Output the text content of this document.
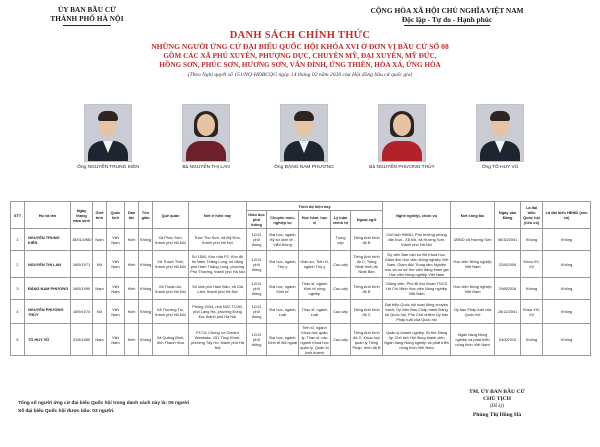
ỦY BAN BẦU CỬ
THÀNH PHỐ HÀ NỘI
CỘNG HÒA XÃ HỘI CHỦ NGHĨA VIỆT NAM
Độc lập - Tự do - Hạnh phúc
DANH SÁCH CHÍNH THỨC
NHỮNG NGƯỜI ỨNG CỬ ĐẠI BIỂU QUỐC HỘI KHÓA XVI Ở ĐƠN VỊ BẦU CỬ SỐ 08
GỒM CÁC XÃ PHÚ XUYÊN, PHƯỢNG DỰC, CHUYÊN MỸ, ĐẠI XUYÊN, MỸ ĐỨC,
HỒNG SƠN, PHÚC SƠN, HƯƠNG SƠN, VÂN ĐÌNH, ỨNG THIÊN, HÒA XÁ, ỨNG HÒA
(Theo Nghị quyết số 151/NQ-HĐBCQG ngày 14 tháng 02 năm 2026 của Hội đồng bầu cử quốc gia)
Ông NGUYỄN TRUNG KIÊN	Bà NGUYỄN THỊ LAN	Ông ĐẶNG NAM PHƯƠNG	Bà NGUYỄN PHƯƠNG THỦY	Ông TÔ HUY VŨ
STT	Họ và tên	Ngày tháng năm sinh	Giới tính	Quốc tịch	Dân tộc	Tôn giáo	Quê quán	Nơi ở hiện nay	Trình độ hiện nay					Nghề nghiệp, chức vụ	Nơi công tác	Ngày vào Đảng	Là đại biểu Quốc hội (nếu có)	Là đại biểu HĐND (nếu có)
									Giáo dục phổ thông	Chuyên môn, nghiệp vụ	Học hàm, học vị	Lý luận chính trị	Ngoại ngữ					
1	NGUYỄN TRUNG KIÊN	18/01/1980	Nam	Việt Nam	Kinh	Không	Xã Phúc Sơn, thành phố Hà Nội	Thôn Thụ Sơn, xã Mỹ Đức, thành phố Hà Nội	12/12 phổ thông	Đại học, ngành Kỹ sư kinh tế - Viễn thông		Trung cấp	Tiếng Anh trình độ B	Chủ tịch HĐND, Phó trưởng phòng văn hóa - Xã hội, xã Hương Sơn, thành phố Hà Nội	UBND xã Hương Sơn	06/10/2001	Không	Không
2	NGUYỄN THỊ LAN	18/5/1971	Nữ	Việt Nam	Kinh	Không	Xã Thạch Thất, thành phố Hà Nội	Số 1500, Khu nhà P2, Khu đô thị Nam Thăng Long, số đăng phố Hàm Thăng Long, phường Phú Thượng, thành phố Hà Nội	12/12 phổ thông	Đại học, ngành Thú y	Giáo sư, Tiến sĩ, ngành Thú y	Cao cấp	Tiếng Anh trình độ C; Tiếng Nhật trình độ Nhật Bản	Ủy viên Ban cán sự Bộ Khoa học, Giám đốc Học viện Nông nghiệp Việt Nam, Giám đốc Trung tâm Nghiên cứu và cơ sở thư viện đang tham gia Học viện Nông nghiệp Việt Nam	Học viện Nông nghiệp Việt Nam	22/6/2009	Khóa XV, XV	Không
3	ĐẶNG NAM PHƯƠNG	18/5/1990	Nam	Việt Nam	Kinh	Không	Xã Thuận An, thành phố Hà Nội	Số nhà phố Hàm Đầu, xã Gia Lâm, thành phố Hà Nội	12/12 phổ thông	Đại học, ngành Kinh tế	Thạc sĩ, ngành Kinh tế nông nghiệp	Cao cấp	Tiếng Anh trình độ B	Giảng viên, Phó Bí thư Đoàn TNCS Hồ Chí Minh Học viện Nông nghiệp Việt Nam	Học viện Nông nghiệp Việt Nam	29/8/2016	Không	Không
4	NGUYỄN PHƯƠNG THỦY	18/9/1974	Nữ	Việt Nam	Kinh	Không	Xã Thường Tín, thành phố Hà Nội	Phòng 2004, nhà N02-T1/2B, phố Lạng Hạ, phường Đống Đa, thành phố Hà Nội	12/12 phổ thông	Đại học, ngành Luật	Thạc sĩ, ngành Luật	Cao cấp	Tiếng Anh trình độ C	Đại biểu Quốc hội hoạt động chuyên trách, Ủy viên Ban Chấp hành Đảng bộ Quốc hội, Phó Chủ nhiệm Ủy ban Pháp luật của Quốc hội	Ủy ban Pháp luật của Quốc hội	28/12/2001	Khóa XIV, XV	Không
5	TÔ HUY VŨ	31/8/1980	Nam	Việt Nam	Kinh	Không	Xã Quảng Bình, tỉnh Thanh Hóa	P1711 Chung cư Golden Westlake, 151 Thụy Khuê, phường Tây Hồ, thành phố Hà Nội	12/12 phổ thông	Đại học, ngành Kinh tế đối ngoại	Tiến sĩ, ngành Khoa học quản lý; Thạc sĩ, các ngành Khoa học quản lý, Quản trị kinh doanh	Cao cấp	Tiếng Anh trình độ C; Khoa học quản lý Tiếng Pháp, trình độ B	Quản lý doanh nghiệp, Bí thư Đảng ủy, Chủ tịch Hội đồng thành viên Ngân hàng Nông nghiệp và phát triển nông thôn Việt Nam	Ngân hàng Nông nghiệp và phát triển nông thôn Việt Nam	04/4/2010	Không	Không
Tổng số người ứng cử đại biểu Quốc hội trong danh sách này là: 05 người
Số đại biểu Quốc hội được bầu: 03 người.
TM. ỦY BAN BẦU CỬ
CHỦ TỊCH
(Đã ký)
Phùng Thị Hồng Hà
